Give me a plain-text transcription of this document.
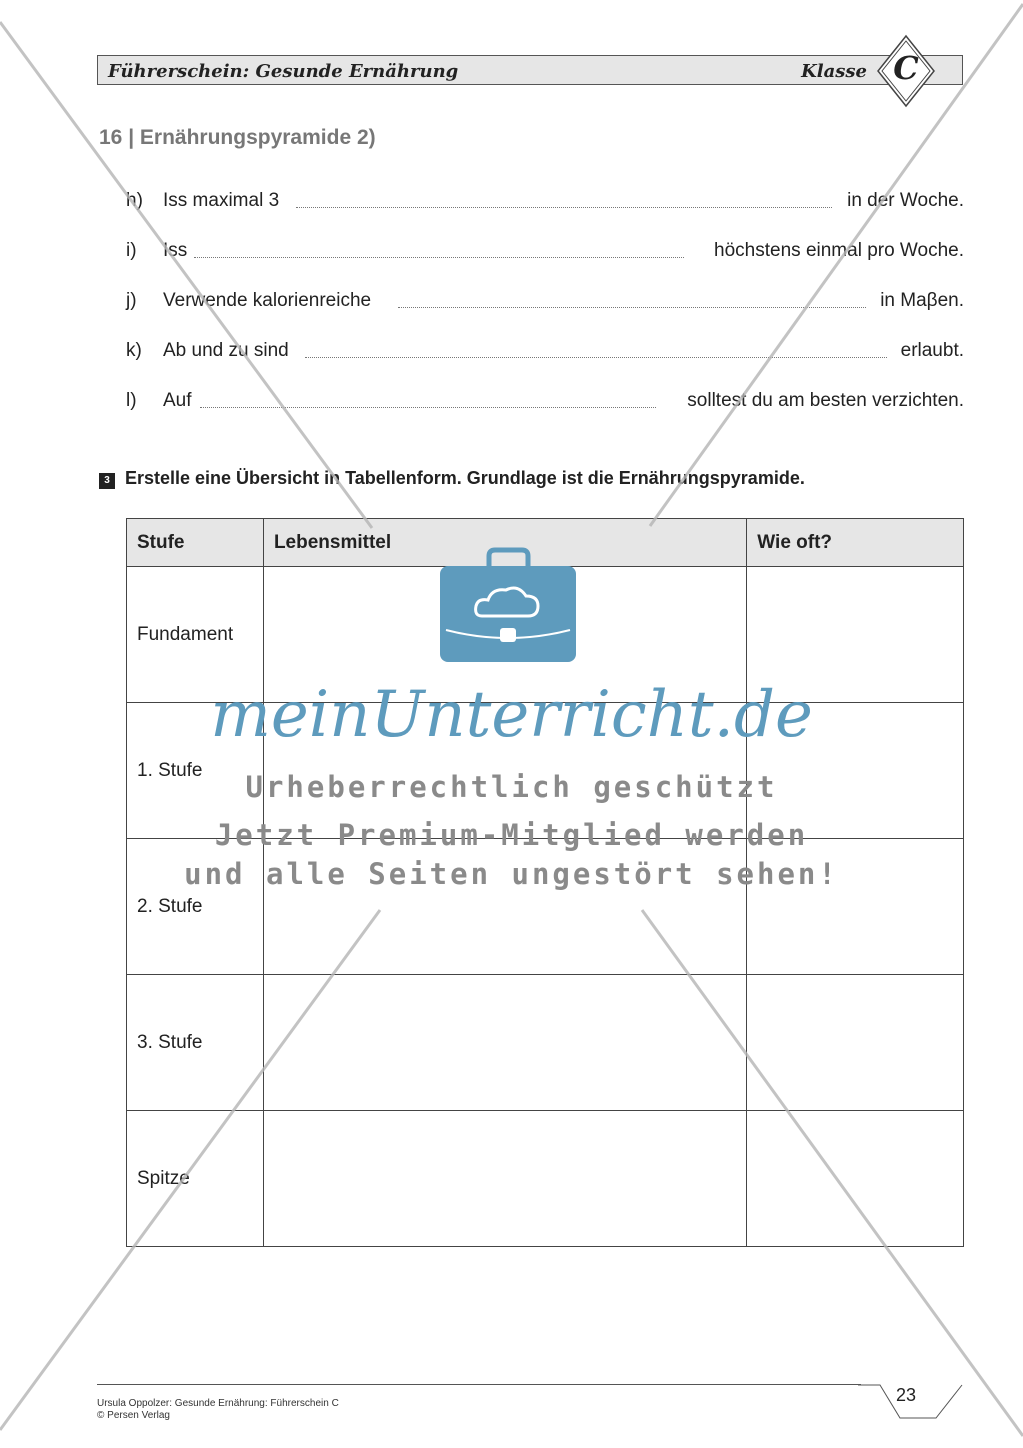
Führerschein: Gesunde Ernährung	Klasse C
16 | Ernährungspyramide 2)
h) Iss maximal 3	in der Woche.
i) Iss	höchstens einmal pro Woche.
j) Verwende kalorienreiche	in Maβen.
k) Ab und zu sind	erlaubt.
l) Auf	solltest du am besten verzichten.
3 Erstelle eine Übersicht in Tabellenform. Grundlage ist die Ernährungspyramide.
Stufe	Lebensmittel	Wie oft?
Fundament		
1. Stufe		
2. Stufe		
3. Stufe		
Spitze		
23
Ursula Oppolzer: Gesunde Ernährung: Führerschein C
© Persen Verlag
meinUnterricht.de
Urheberrechtlich geschützt
Jetzt Premium-Mitglied werden
und alle Seiten ungestört sehen!
